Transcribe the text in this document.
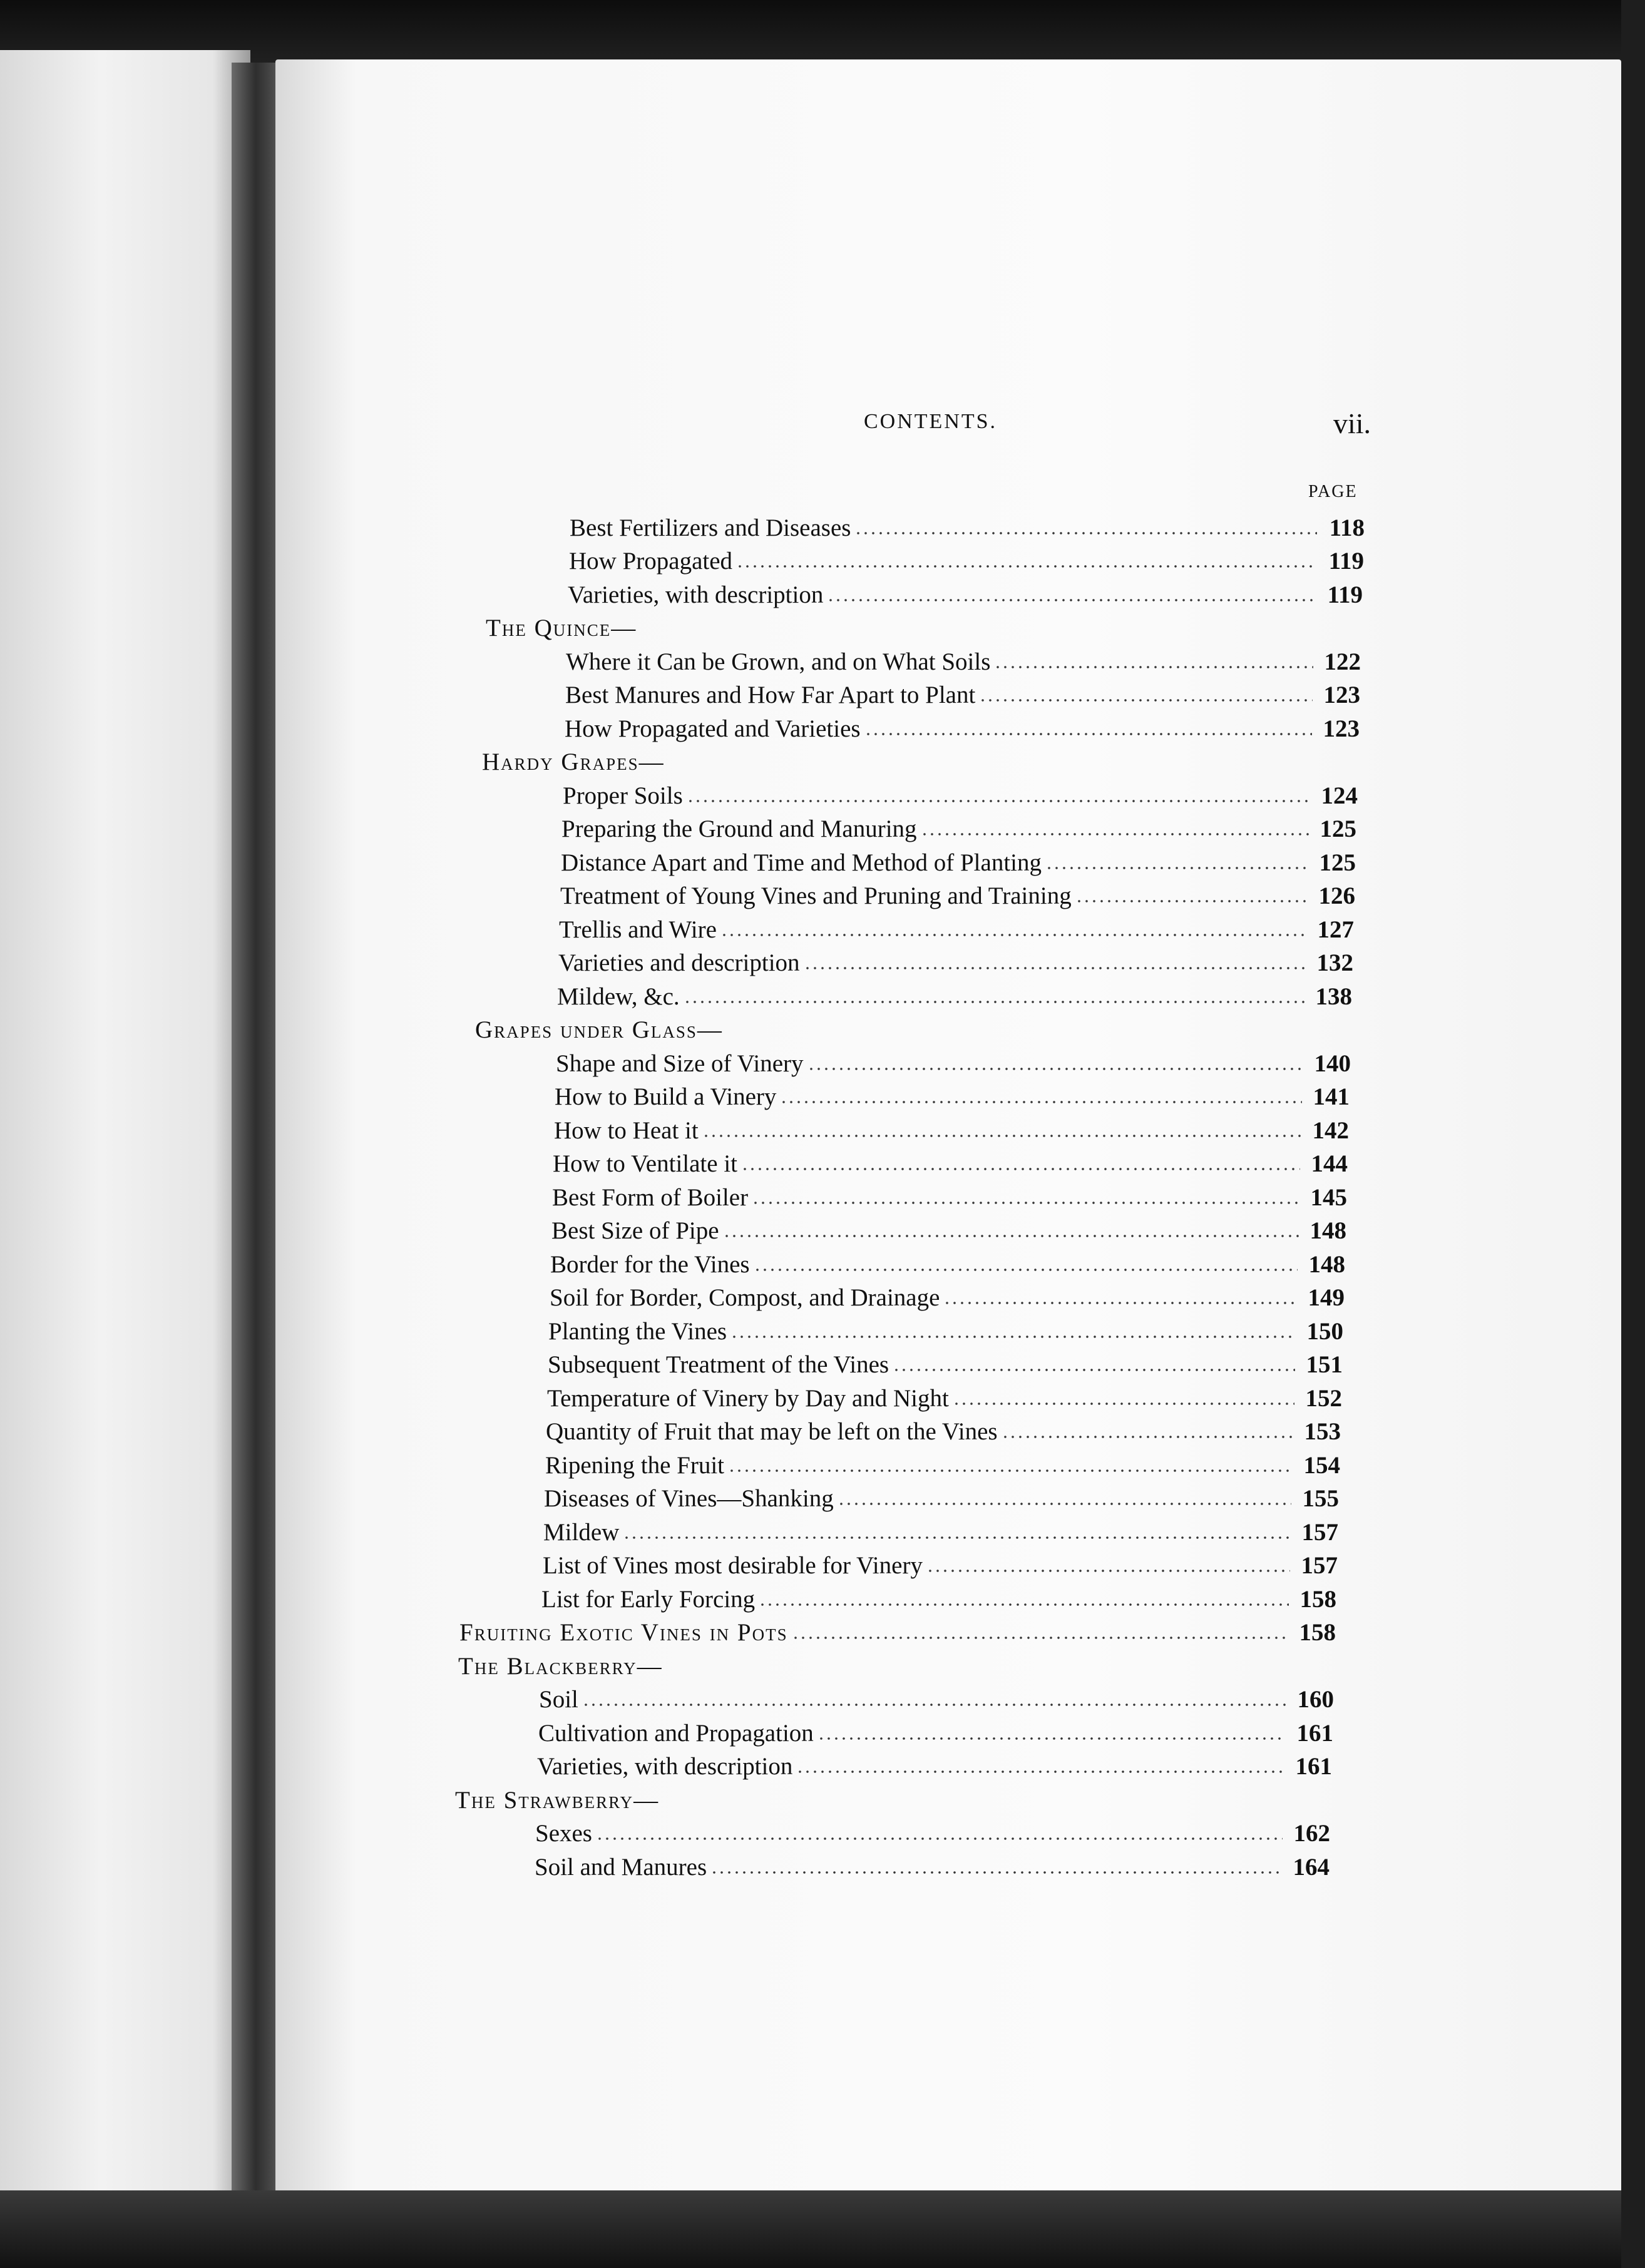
CONTENTS.	vii.
PAGE
Best Fertilizers and Diseases	118
How Propagated	119
Varieties, with description	119
The Quince—
Where it Can be Grown, and on What Soils	122
Best Manures and How Far Apart to Plant	123
How Propagated and Varieties	123
Hardy Grapes—
Proper Soils	124
Preparing the Ground and Manuring	125
Distance Apart and Time and Method of Planting	125
Treatment of Young Vines and Pruning and Training	126
Trellis and Wire	127
Varieties and description	132
Mildew, &c.	138
Grapes under Glass—
Shape and Size of Vinery	140
How to Build a Vinery	141
How to Heat it	142
How to Ventilate it	144
Best Form of Boiler	145
Best Size of Pipe	148
Border for the Vines	148
Soil for Border, Compost, and Drainage	149
Planting the Vines	150
Subsequent Treatment of the Vines	151
Temperature of Vinery by Day and Night	152
Quantity of Fruit that may be left on the Vines	153
Ripening the Fruit	154
Diseases of Vines—Shanking	155
Mildew	157
List of Vines most desirable for Vinery	157
List for Early Forcing	158
Fruiting Exotic Vines in Pots	158
The Blackberry—
Soil	160
Cultivation and Propagation	161
Varieties, with description	161
The Strawberry—
Sexes	162
Soil and Manures	164
